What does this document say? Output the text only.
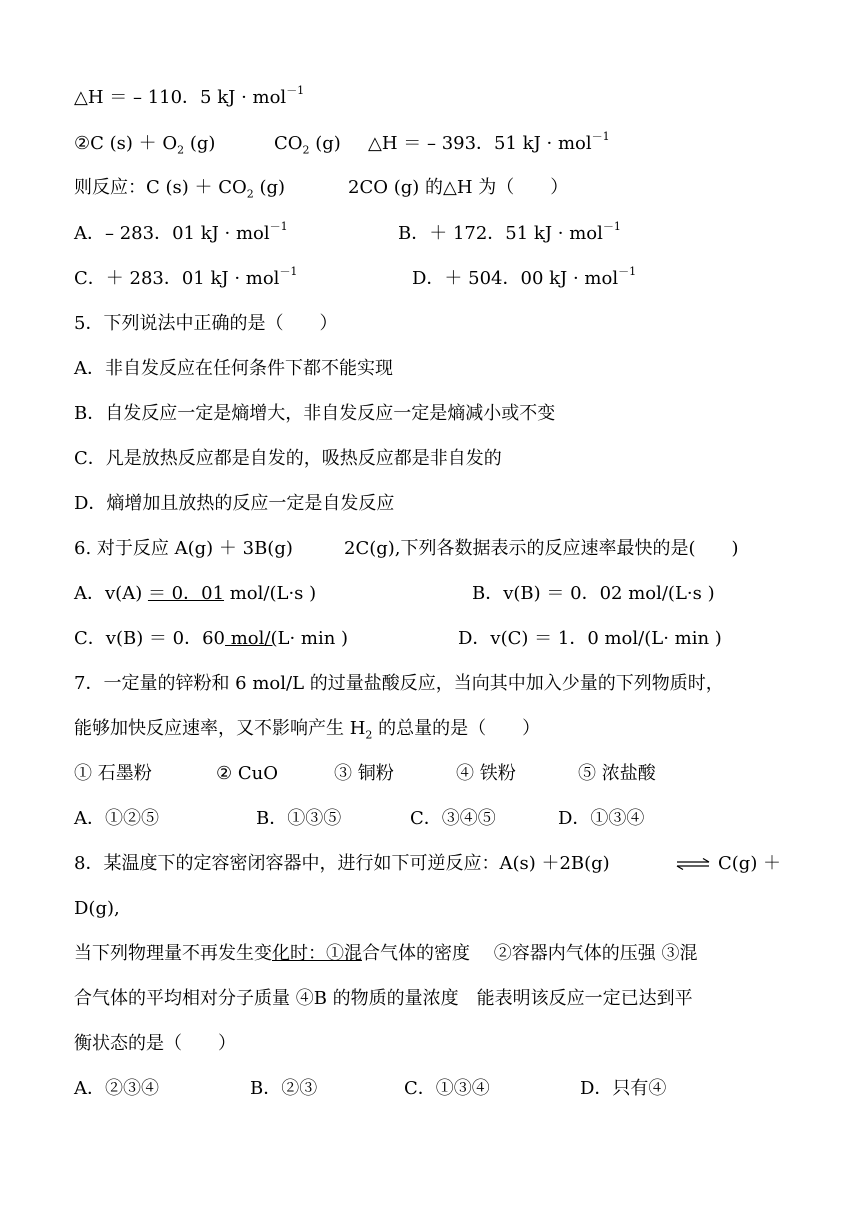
△H ＝ – 110．5 kJ · mol$^{-1}$
②C $(s) + O_2$ (g)	$CO_2$ (g) △H ＝ – 393．51 kJ · mol$^{-1}$
则反应：C $(s) + CO_2$ (g)	2CO (g) 的△H 为（　　）
A．– 283．01 kJ · mol$^{-1}$	B．＋ 172．51 kJ · mol$^{-1}$
C．＋ 283．01 kJ · mol$^{-1}$	D．＋ 504．00 kJ · mol$^{-1}$
5．下列说法中正确的是（　　）
A．非自发反应在任何条件下都不能实现
B．自发反应一定是熵增大，非自发反应一定是熵减小或不变
C．凡是放热反应都是自发的，吸热反应都是非自发的
D．熵增加且放热的反应一定是自发反应
6. 对于反应 A(g) ＋ 3B(g)	2C(g),下列各数据表示的反应速率最快的是(　　)
A．v(A) ＝ 0．01 mol/(L·s )	B．v(B) ＝ 0．02 mol/(L·s )
C．v(B) ＝ 0．60 mol/(L· min )	D．v(C) ＝ 1．0 mol/(L· min )
7．一定量的锌粉和 6 mol/L 的过量盐酸反应，当向其中加入少量的下列物质时，
能够加快反应速率，又不影响产生 $H_2$ 的总量的是（　　）
① 石墨粉	② CuO	③ 铜粉	④ 铁粉	⑤ 浓盐酸
A．①②⑤	B．①③⑤	C．③④⑤	D．①③④
8．某温度下的定容密闭容器中，进行如下可逆反应：A(s) ＋2B(g)	⇌ C(g) ＋
D(g),
当下列物理量不再发生变化时：①混合气体的密度　 ②容器内气体的压强 ③混
合气体的平均相对分子质量 ④B 的物质的量浓度　能表明该反应一定已达到平
衡状态的是（　　）
A．②③④	B．②③	C．①③④	D．只有④
